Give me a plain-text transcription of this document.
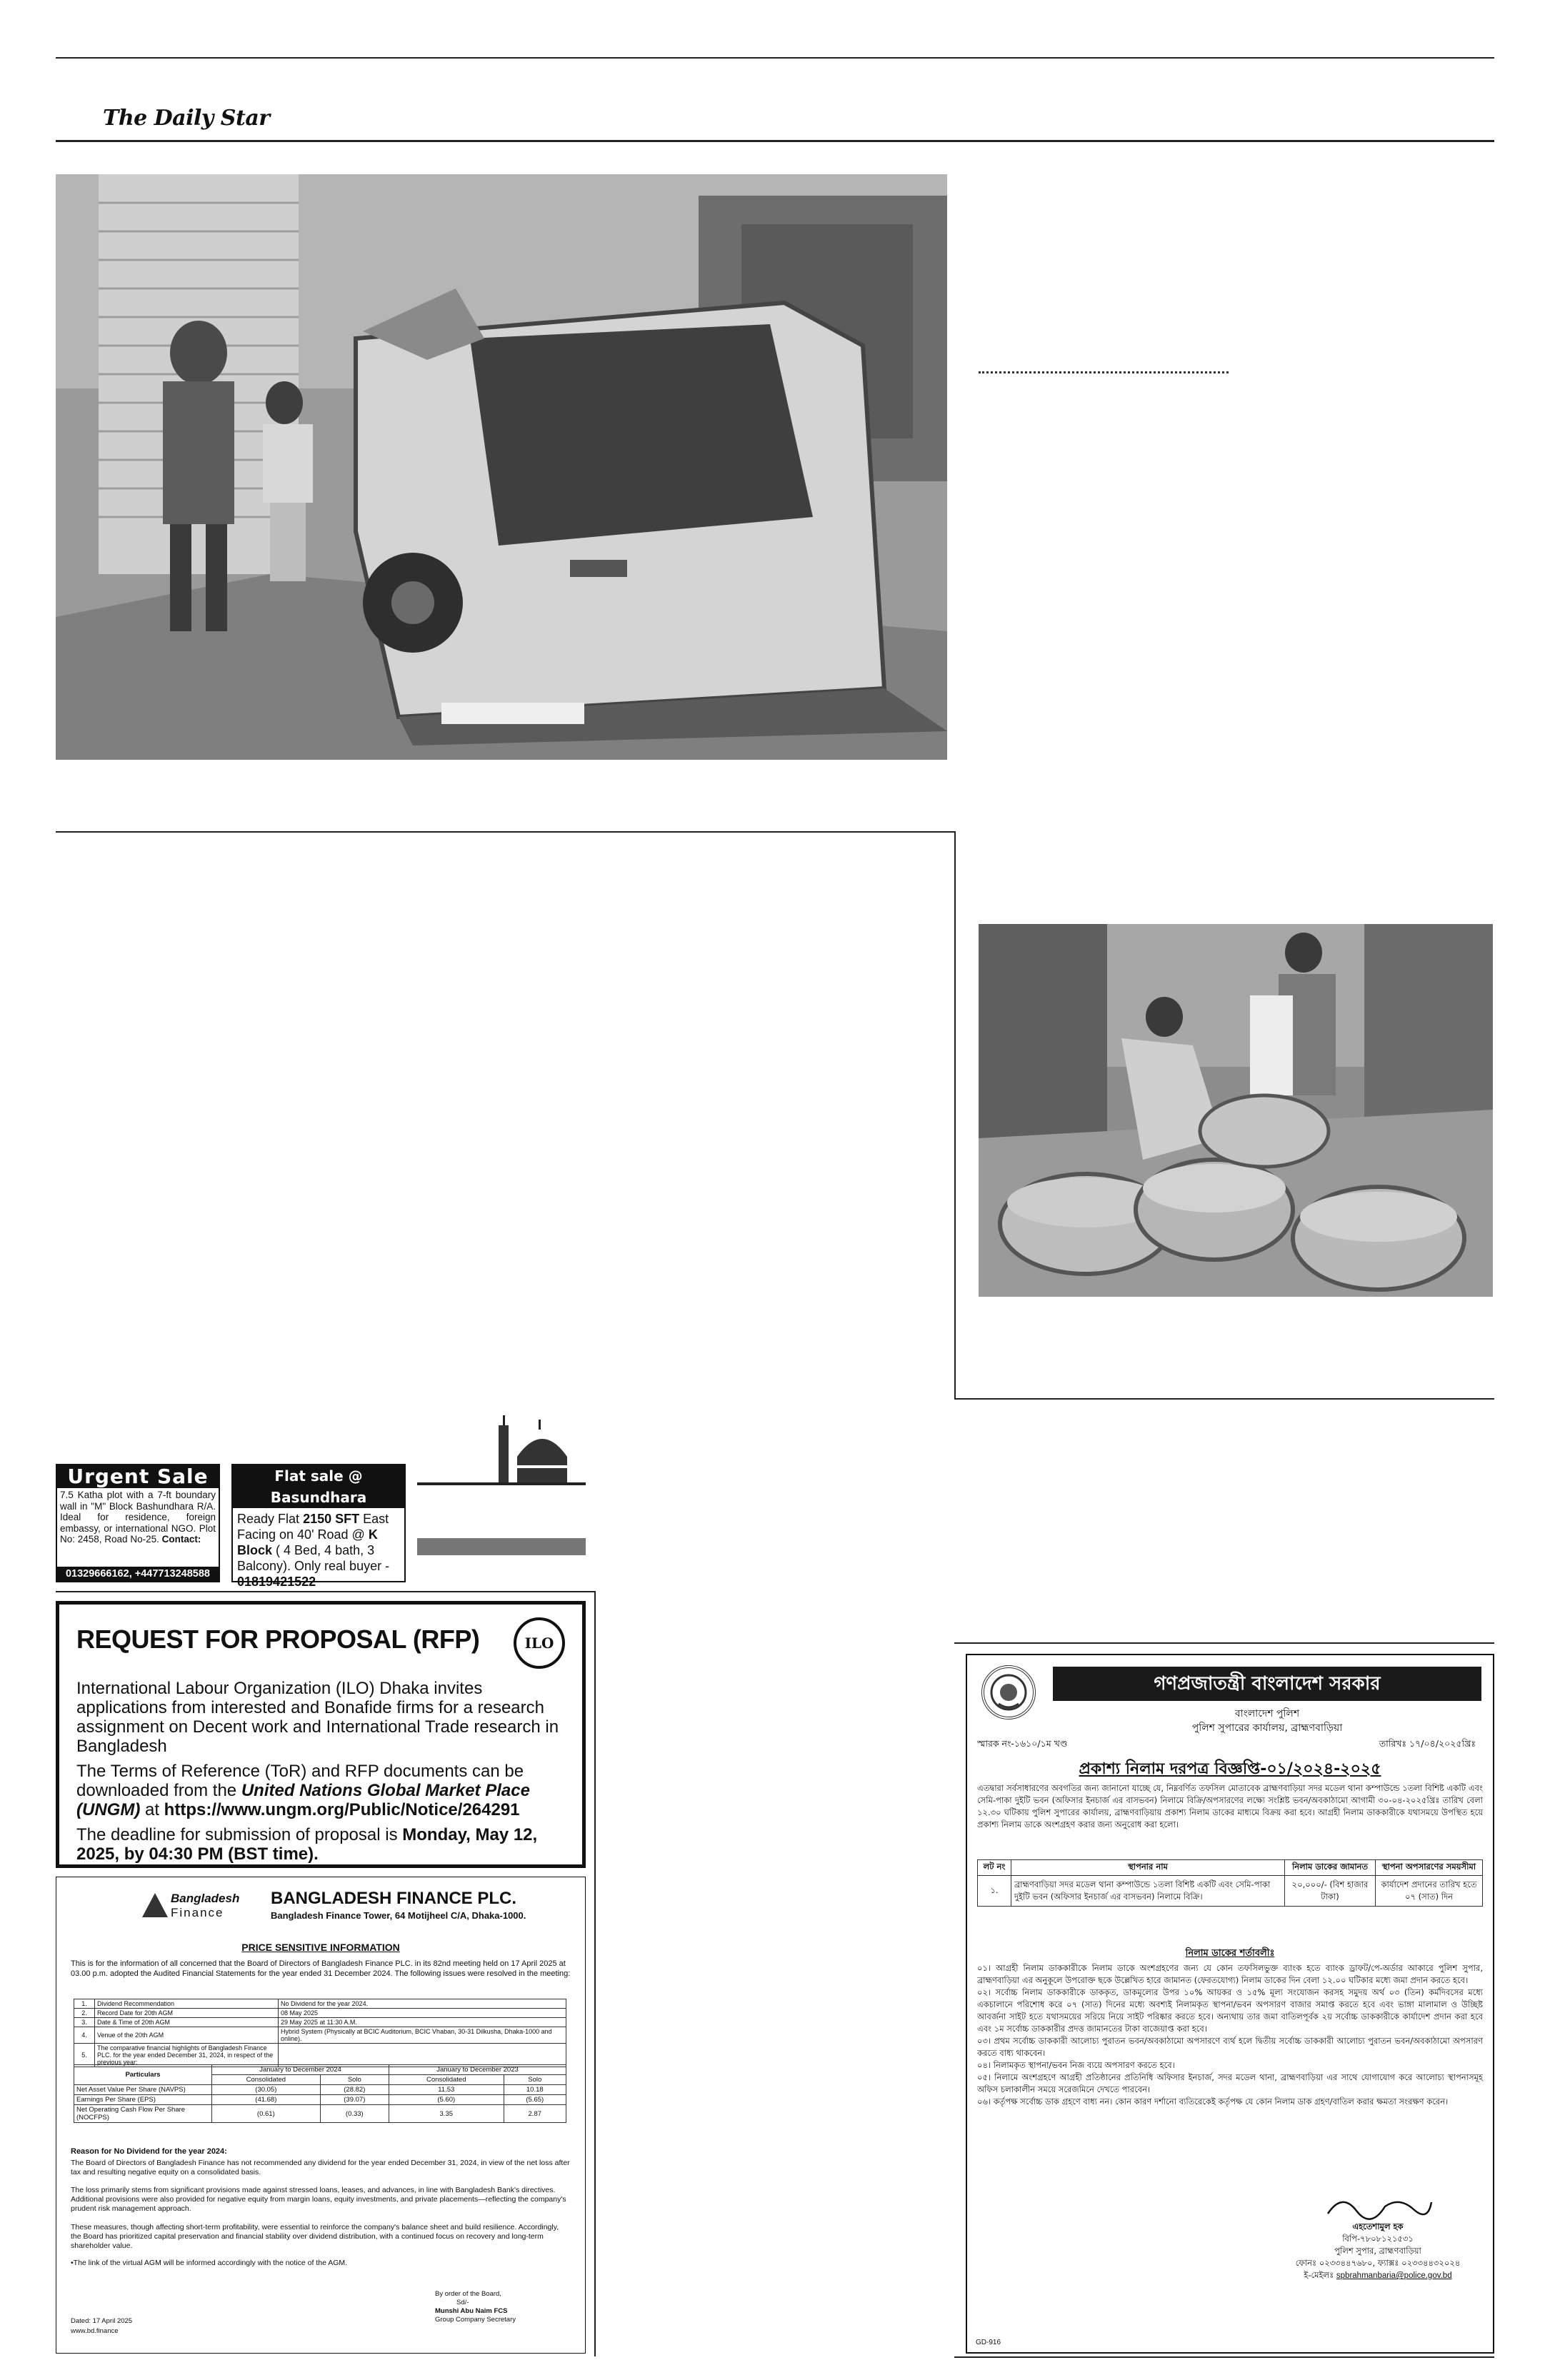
The Daily Star
Urgent Sale
7.5 Katha plot with a 7-ft boundary wall in "M" Block Bashundhara R/A. Ideal for residence, foreign embassy, or international NGO. Plot No: 2458, Road No-25. Contact:
01329666162, +447713248588
Flat sale @ Basundhara
Ready Flat 2150 SFT East Facing on 40' Road @ K Block ( 4 Bed, 4 bath, 3 Balcony). Only real buyer - 01819421522
REQUEST FOR PROPOSAL (RFP)	ILO
International Labour Organization (ILO) Dhaka invites applications from interested and Bonafide firms for a research assignment on Decent work and International Trade research in Bangladesh
The Terms of Reference (ToR) and RFP documents can be downloaded from the United Nations Global Market Place (UNGM) at https://www.ungm.org/Public/Notice/264291
The deadline for submission of proposal is Monday, May 12, 2025, by 04:30 PM (BST time).
Bangladesh
Finance
BANGLADESH FINANCE PLC.
Bangladesh Finance Tower, 64 Motijheel C/A, Dhaka-1000.
PRICE SENSITIVE INFORMATION
This is for the information of all concerned that the Board of Directors of Bangladesh Finance PLC. in its 82nd meeting held on 17 April 2025 at 03.00 p.m. adopted the Audited Financial Statements for the year ended 31 December 2024. The following issues were resolved in the meeting:
1.	Dividend Recommendation	No Dividend for the year 2024.
2.	Record Date for 20th AGM	08 May 2025
3.	Date & Time of 20th AGM	29 May 2025 at 11:30 A.M.
4.	Venue of the 20th AGM	Hybrid System (Physically at BCIC Auditorium, BCIC Vhaban, 30-31 Dilkusha, Dhaka-1000 and online).
5.	The comparative financial highlights of Bangladesh Finance PLC. for the year ended December 31, 2024, in respect of the previous year:	
Particulars	January to December 2024		January to December 2023	
	Consolidated	Solo	Consolidated	Solo
Net Asset Value Per Share (NAVPS)	(30.05)	(28.82)	11.53	10.18
Earnings Per Share (EPS)	(41.68)	(39.07)	(5.60)	(5.65)
Net Operating Cash Flow Per Share (NOCFPS)	(0.61)	(0.33)	3.35	2.87
Reason for No Dividend for the year 2024:
The Board of Directors of Bangladesh Finance has not recommended any dividend for the year ended December 31, 2024, in view of the net loss after tax and resulting negative equity on a consolidated basis.
The loss primarily stems from significant provisions made against stressed loans, leases, and advances, in line with Bangladesh Bank's directives. Additional provisions were also provided for negative equity from margin loans, equity investments, and private placements—reflecting the company's prudent risk management approach.
These measures, though affecting short-term profitability, were essential to reinforce the company's balance sheet and build resilience. Accordingly, the Board has prioritized capital preservation and financial stability over dividend distribution, with a continued focus on recovery and long-term shareholder value.
•The link of the virtual AGM will be informed accordingly with the notice of the AGM.
By order of the Board,
Sd/-
Munshi Abu Naim FCS
Group Company Secretary
Dated: 17 April 2025
www.bd.finance
গণপ্রজাতন্ত্রী বাংলাদেশ সরকার
বাংলাদেশ পুলিশ
পুলিশ সুপারের কার্যালয়, ব্রাহ্মণবাড়িয়া
স্মারক নং-১৬১০/১ম খণ্ড	তারিখঃ ১৭/০৪/২০২৫খ্রিঃ
প্রকাশ্য নিলাম দরপত্র বিজ্ঞপ্তি-০১/২০২৪-২০২৫
এতদ্বারা সর্বসাধারণের অবগতির জন্য জানানো যাচ্ছে যে, নিম্নবর্ণিত তফসিল মোতাবেক ব্রাহ্মণবাড়িয়া সদর মডেল থানা কম্পাউন্ডে ১তলা বিশিষ্ট একটি এবং সেমি-পাকা দুইটি ভবন (অফিসার ইনচার্জ এর বাসভবন) নিলামে বিক্রি/অপসারণের লক্ষ্যে সংশ্লিষ্ট ভবন/অবকাঠামো আগামী ৩০-০৪-২০২৫খ্রিঃ তারিখ বেলা ১২.৩০ ঘটিকায় পুলিশ সুপারের কার্যালয়, ব্রাহ্মণবাড়িয়ায় প্রকাশ্য নিলাম ডাকের মাধ্যমে বিক্রয় করা হবে। আগ্রহী নিলাম ডাককারীকে যথাসময়ে উপস্থিত হয়ে প্রকাশ্য নিলাম ডাকে অংশগ্রহণ করার জন্য অনুরোধ করা হলো।
লট নং	স্থাপনার নাম	নিলাম ডাকের জামানত	স্থাপনা অপসারণের সময়সীমা
১.	ব্রাহ্মণবাড়িয়া সদর মডেল থানা কম্পাউন্ডে ১তলা বিশিষ্ট একটি এবং সেমি-পাকা দুইটি ভবন (অফিসার ইনচার্জ এর বাসভবন) নিলামে বিক্রি।	২০,০০০/- (বিশ হাজার টাকা)	কার্যাদেশ প্রদানের তারিখ হতে ০৭ (সাত) দিন
নিলাম ডাকের শর্তাবলীঃ
০১। আগ্রহী নিলাম ডাককারীকে নিলাম ডাকে অংশগ্রহণের জন্য যে কোন তফসিলভুক্ত ব্যাংক হতে ব্যাংক ড্রাফট/পে-অর্ডার আকারে পুলিশ সুপার, ব্রাহ্মণবাড়িয়া এর অনুকূলে উপরোক্ত ছকে উল্লেখিত হারে জামানত (ফেরতযোগ্য) নিলাম ডাকের দিন বেলা ১২.০০ ঘটিকার মধ্যে জমা প্রদান করতে হবে।
০২। সর্বোচ্চ নিলাম ডাককারীকে ডাককৃত, ডাকমূল্যের উপর ১০% আয়কর ও ১৫% মূল্য সংযোজন করসহ সমুদয় অর্থ ০৩ (তিন) কর্মদিবসের মধ্যে একচালানে পরিশোধ করে ০৭ (সাত) দিনের মধ্যে অবশ্যই নিলামকৃত স্থাপনা/ভবন অপসারণ বাজার সমাপ্ত করতে হবে এবং ভাঙ্গা মালামাল ও উচ্ছিষ্ট আবর্জনা সাইট হতে যথাসময়ের সরিয়ে নিয়ে সাইট পরিষ্কার করতে হবে। অন্যথায় তার জমা বাতিলপূর্বক ২য় সর্বোচ্চ ডাককারীকে কার্যাদেশ প্রদান করা হবে এবং ১ম সর্বোচ্চ ডাককারীর প্রদত্ত জামানতের টাকা বাজেয়াপ্ত করা হবে।
০৩। প্রথম সর্বোচ্চ ডাককারী আলোচ্য পুরাতন ভবন/অবকাঠামো অপসারণে ব্যর্থ হলে দ্বিতীয় সর্বোচ্চ ডাককারী আলোচ্য পুরাতন ভবন/অবকাঠামো অপসারণ করতে বাধ্য থাকবেন।
০৪। নিলামকৃত স্থাপনা/ভবন নিজ ব্যয়ে অপসারণ করতে হবে।
০৫। নিলামে অংশগ্রহণে আগ্রহী প্রতিষ্ঠানের প্রতিনিধি অফিসার ইনচার্জ, সদর মডেল থানা, ব্রাহ্মণবাড়িয়া এর সাথে যোগাযোগ করে আলোচ্য স্থাপনাসমূহ অফিস চলাকালীন সময়ে সরেজমিনে দেখতে পারবেন।
০৬। কর্তৃপক্ষ সর্বোচ্চ ডাক গ্রহণে বাধ্য নন। কোন কারণ দর্শানো ব্যতিরেকেই কর্তৃপক্ষ যে কোন নিলাম ডাক গ্রহণ/বাতিল করার ক্ষমতা সংরক্ষণ করেন।
এহতেশামুল হক
বিপি-৭৮০৮১২১৫৩১
পুলিশ সুপার, ব্রাহ্মণবাড়িয়া
ফোনঃ ০২৩৩৪৪৭৬৮০, ফ্যাক্সঃ ০২৩৩৪৪৩২০২৪
ই-মেইলঃ spbrahmanbaria@police.gov.bd
GD-916
